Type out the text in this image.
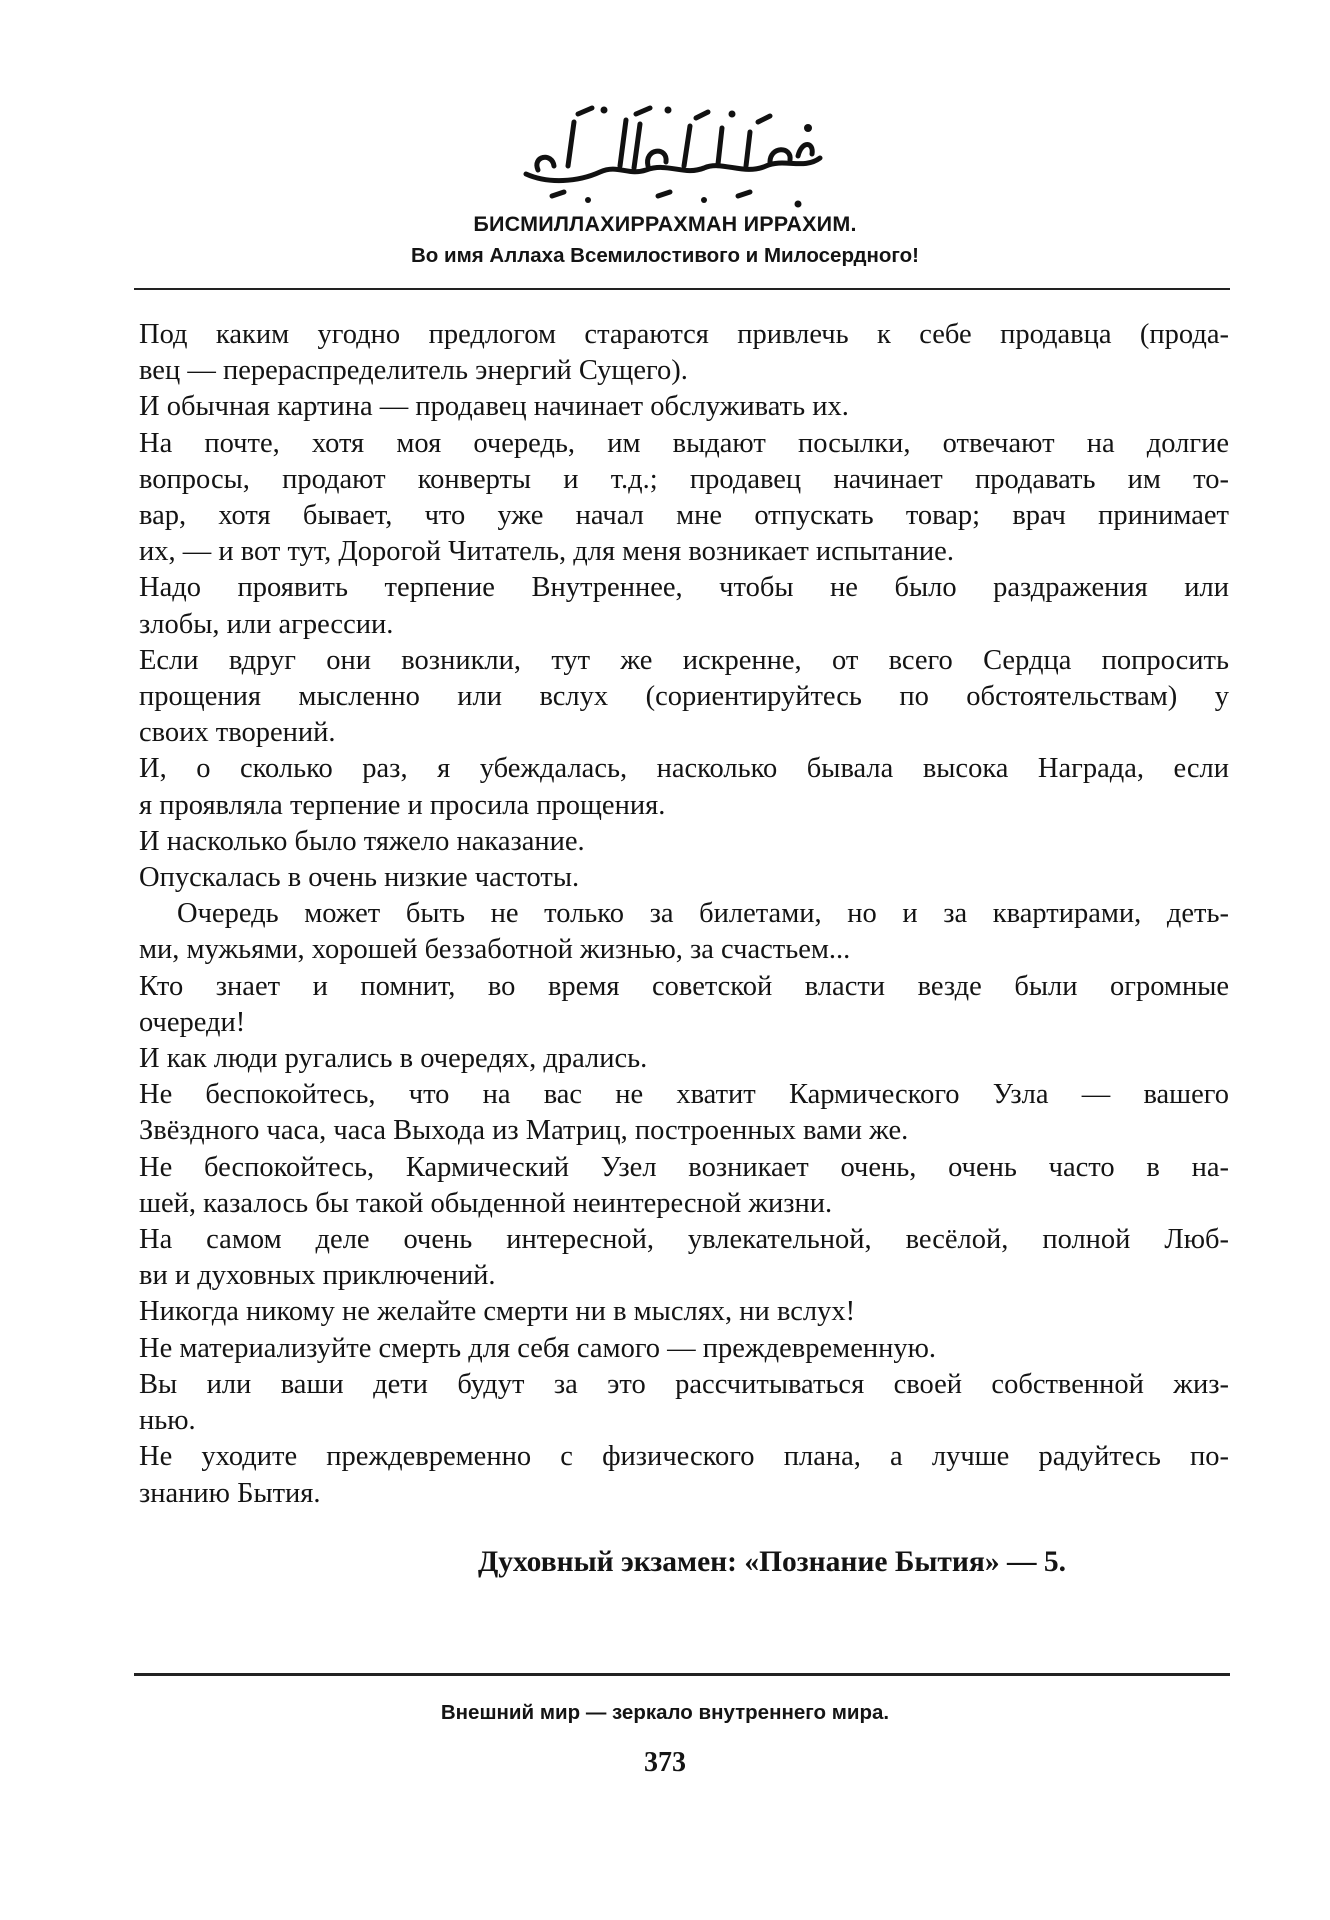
БИСМИЛЛАХИРРАХМАН ИРРАХИМ.
Во имя Аллаха Всемилостивого и Милосердного!
Под каким угодно предлогом стараются привлечь к себе продавца (прода-
вец — перераспределитель энергий Сущего).
И обычная картина — продавец начинает обслуживать их.
На почте, хотя моя очередь, им выдают посылки, отвечают на долгие
вопросы, продают конверты и т.д.; продавец начинает продавать им то-
вар, хотя бывает, что уже начал мне отпускать товар; врач принимает
их, — и вот тут, Дорогой Читатель, для меня возникает испытание.
Надо проявить терпение Внутреннее, чтобы не было раздражения или
злобы, или агрессии.
Если вдруг они возникли, тут же искренне, от всего Сердца попросить
прощения мысленно или вслух (сориентируйтесь по обстоятельствам) у
своих творений.
И, о сколько раз, я убеждалась, насколько бывала высока Награда, если
я проявляла терпение и просила прощения.
И насколько было тяжело наказание.
Опускалась в очень низкие частоты.
Очередь может быть не только за билетами, но и за квартирами, деть-
ми, мужьями, хорошей беззаботной жизнью, за счастьем...
Кто знает и помнит, во время советской власти везде были огромные
очереди!
И как люди ругались в очередях, дрались.
Не беспокойтесь, что на вас не хватит Кармического Узла — вашего
Звёздного часа, часа Выхода из Матриц, построенных вами же.
Не беспокойтесь, Кармический Узел возникает очень, очень часто в на-
шей, казалось бы такой обыденной неинтересной жизни.
На самом деле очень интересной, увлекательной, весёлой, полной Люб-
ви и духовных приключений.
Никогда никому не желайте смерти ни в мыслях, ни вслух!
Не материализуйте смерть для себя самого — преждевременную.
Вы или ваши дети будут за это рассчитываться своей собственной жиз-
нью.
Не уходите преждевременно с физического плана, а лучше радуйтесь по-
знанию Бытия.
Духовный экзамен: «Познание Бытия» — 5.
Внешний мир — зеркало внутреннего мира.
373
